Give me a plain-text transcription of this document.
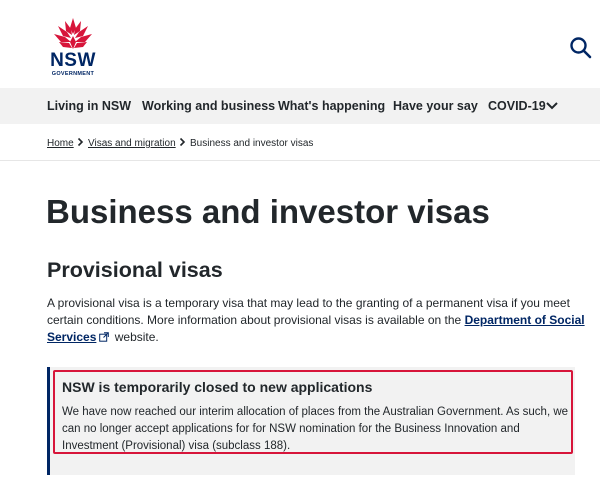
NSW
GOVERNMENT
Living in NSW Working and business What's happening Have your say COVID-19
Home Visas and migration Business and investor visas
Business and investor visas
Provisional visas
A provisional visa is a temporary visa that may lead to the granting of a permanent visa if you meet
certain conditions. More information about provisional visas is available on the Department of Social
Services website.
NSW is temporarily closed to new applications
We have now reached our interim allocation of places from the Australian Government. As such, we
can no longer accept applications for for NSW nomination for the Business Innovation and
Investment (Provisional) visa (subclass 188).
